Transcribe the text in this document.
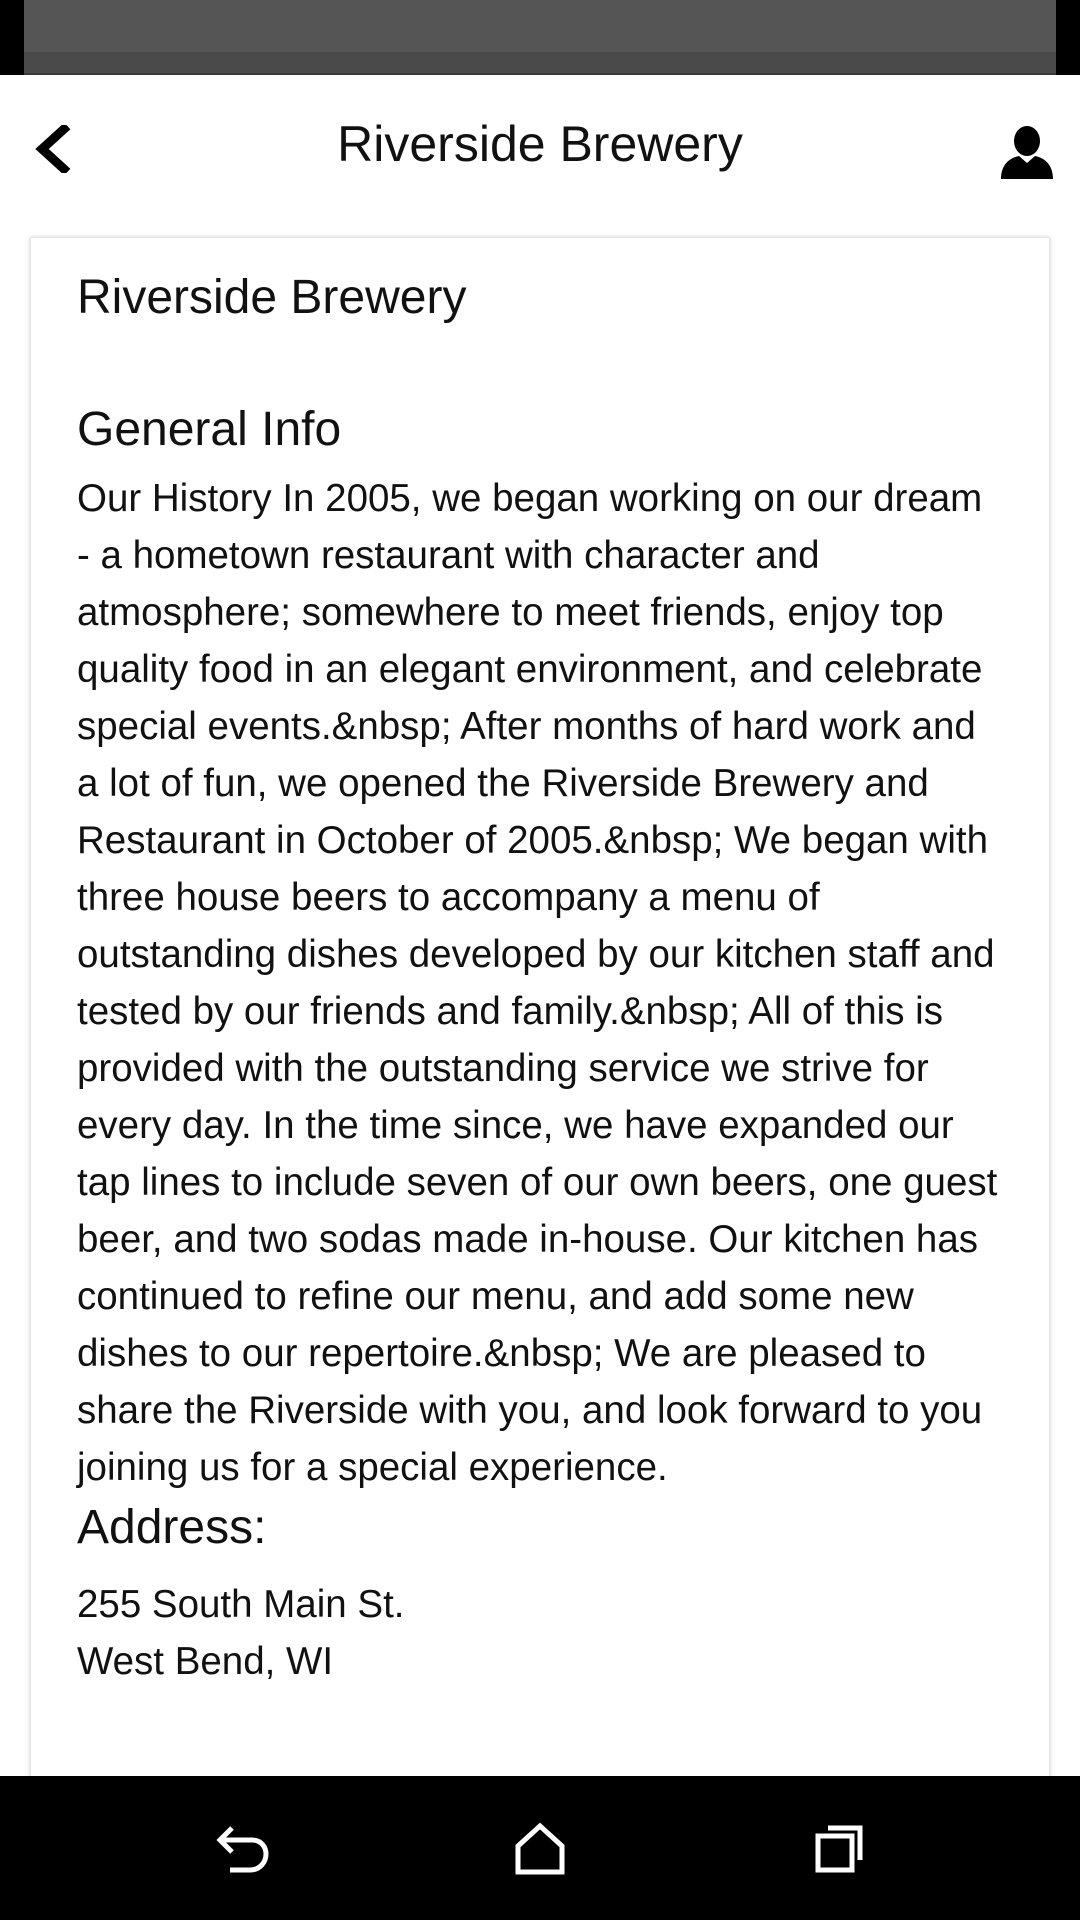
Riverside Brewery
Riverside Brewery
General Info

Our History In 2005, we began working on our dream - a hometown restaurant with character and atmosphere; somewhere to meet friends, enjoy top quality food in an elegant environment, and celebrate special events.&nbsp; After months of hard work and a lot of fun, we opened the Riverside Brewery and Restaurant in October of 2005.&nbsp; We began with three house beers to accompany a menu of outstanding dishes developed by our kitchen staff and tested by our friends and family.&nbsp; All of this is provided with the outstanding service we strive for every day. In the time since, we have expanded our tap lines to include seven of our own beers, one guest beer, and two sodas made in-house. Our kitchen has continued to refine our menu, and add some new dishes to our repertoire.&nbsp; We are pleased to share the Riverside with you, and look forward to you joining us for a special experience.

Address:

255 South Main St.

West Bend, WI
